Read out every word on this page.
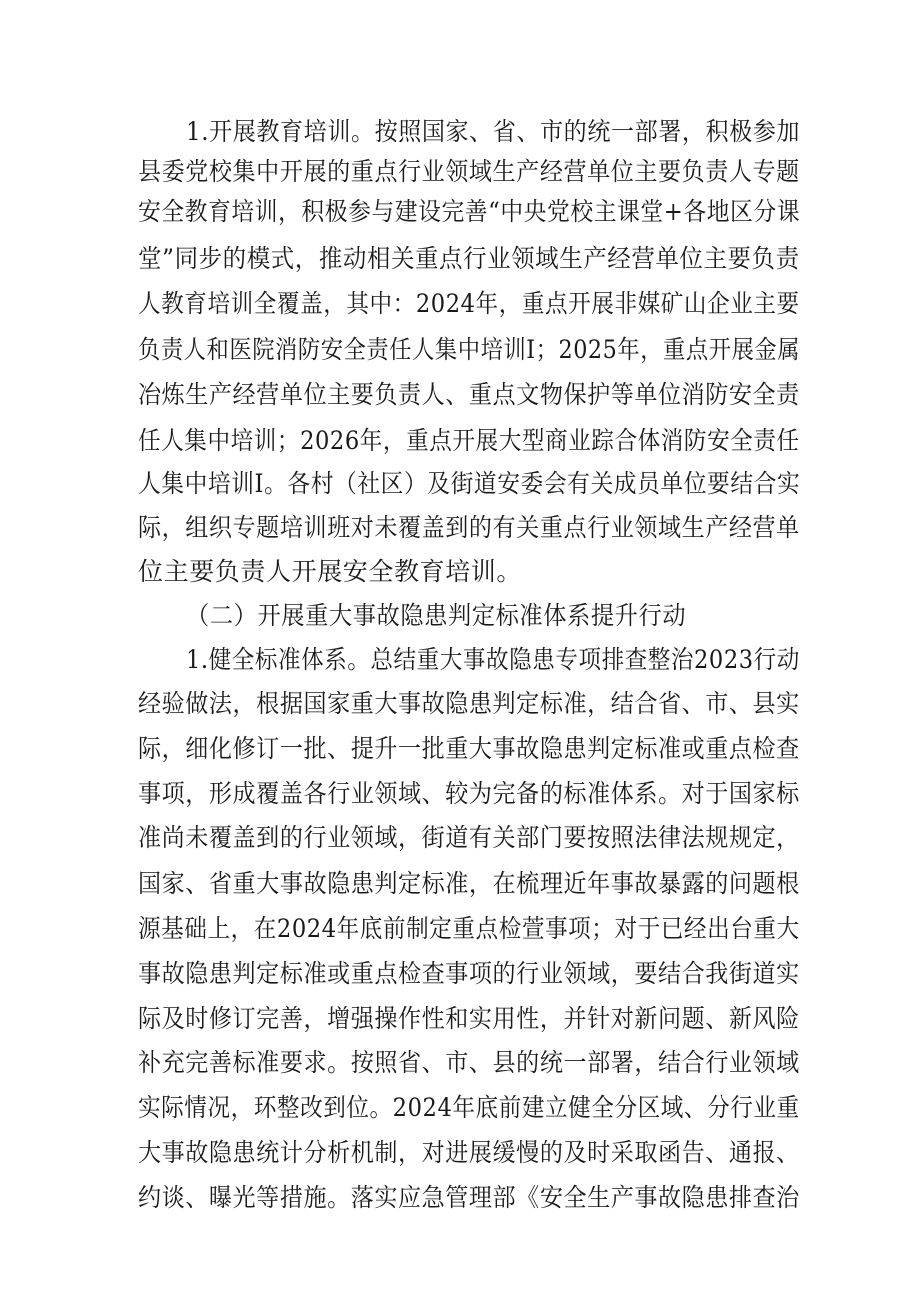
1.开展教育培训。按照国家、省、市的统一部署，积极参加
县委党校集中开展的重点行业领域生产经营单位主要负责人专题
安全教育培训，积极参与建设完善“中央党校主课堂+各地区分课
堂”同步的模式，推动相关重点行业领域生产经营单位主要负责
人教育培训全覆盖，其中：2024年，重点开展非媒矿山企业主要
负责人和医院消防安全责任人集中培训I；2025年，重点开展金属
冶炼生产经营单位主要负责人、重点文物保护等单位消防安全责
任人集中培训；2026年，重点开展大型商业踪合体消防安全责任
人集中培训I。各村（社区）及街道安委会有关成员单位要结合实
际，组织专题培训班对未覆盖到的有关重点行业领域生产经营单
位主要负责人开展安全教育培训。
（二）开展重大事故隐患判定标准体系提升行动
1.健全标准体系。总结重大事故隐患专项排查整治2023行动
经验做法，根据国家重大事故隐患判定标准，结合省、市、县实
际，细化修订一批、提升一批重大事故隐患判定标准或重点检查
事项，形成覆盖各行业领域、较为完备的标准体系。对于国家标
准尚未覆盖到的行业领域，街道有关部门要按照法律法规规定，
国家、省重大事故隐患判定标准，在梳理近年事故暴露的问题根
源基础上，在2024年底前制定重点检萱事项；对于已经出台重大
事故隐患判定标准或重点检查事项的行业领域，要结合我街道实
际及时修订完善，增强操作性和实用性，并针对新问题、新风险
补充完善标准要求。按照省、市、县的统一部署，结合行业领域
实际情况，环整改到位。2024年底前建立健全分区域、分行业重
大事故隐患统计分析机制，对进展缓慢的及时采取函告、通报、
约谈、曝光等措施。落实应急管理部《安全生产事故隐患排查治
